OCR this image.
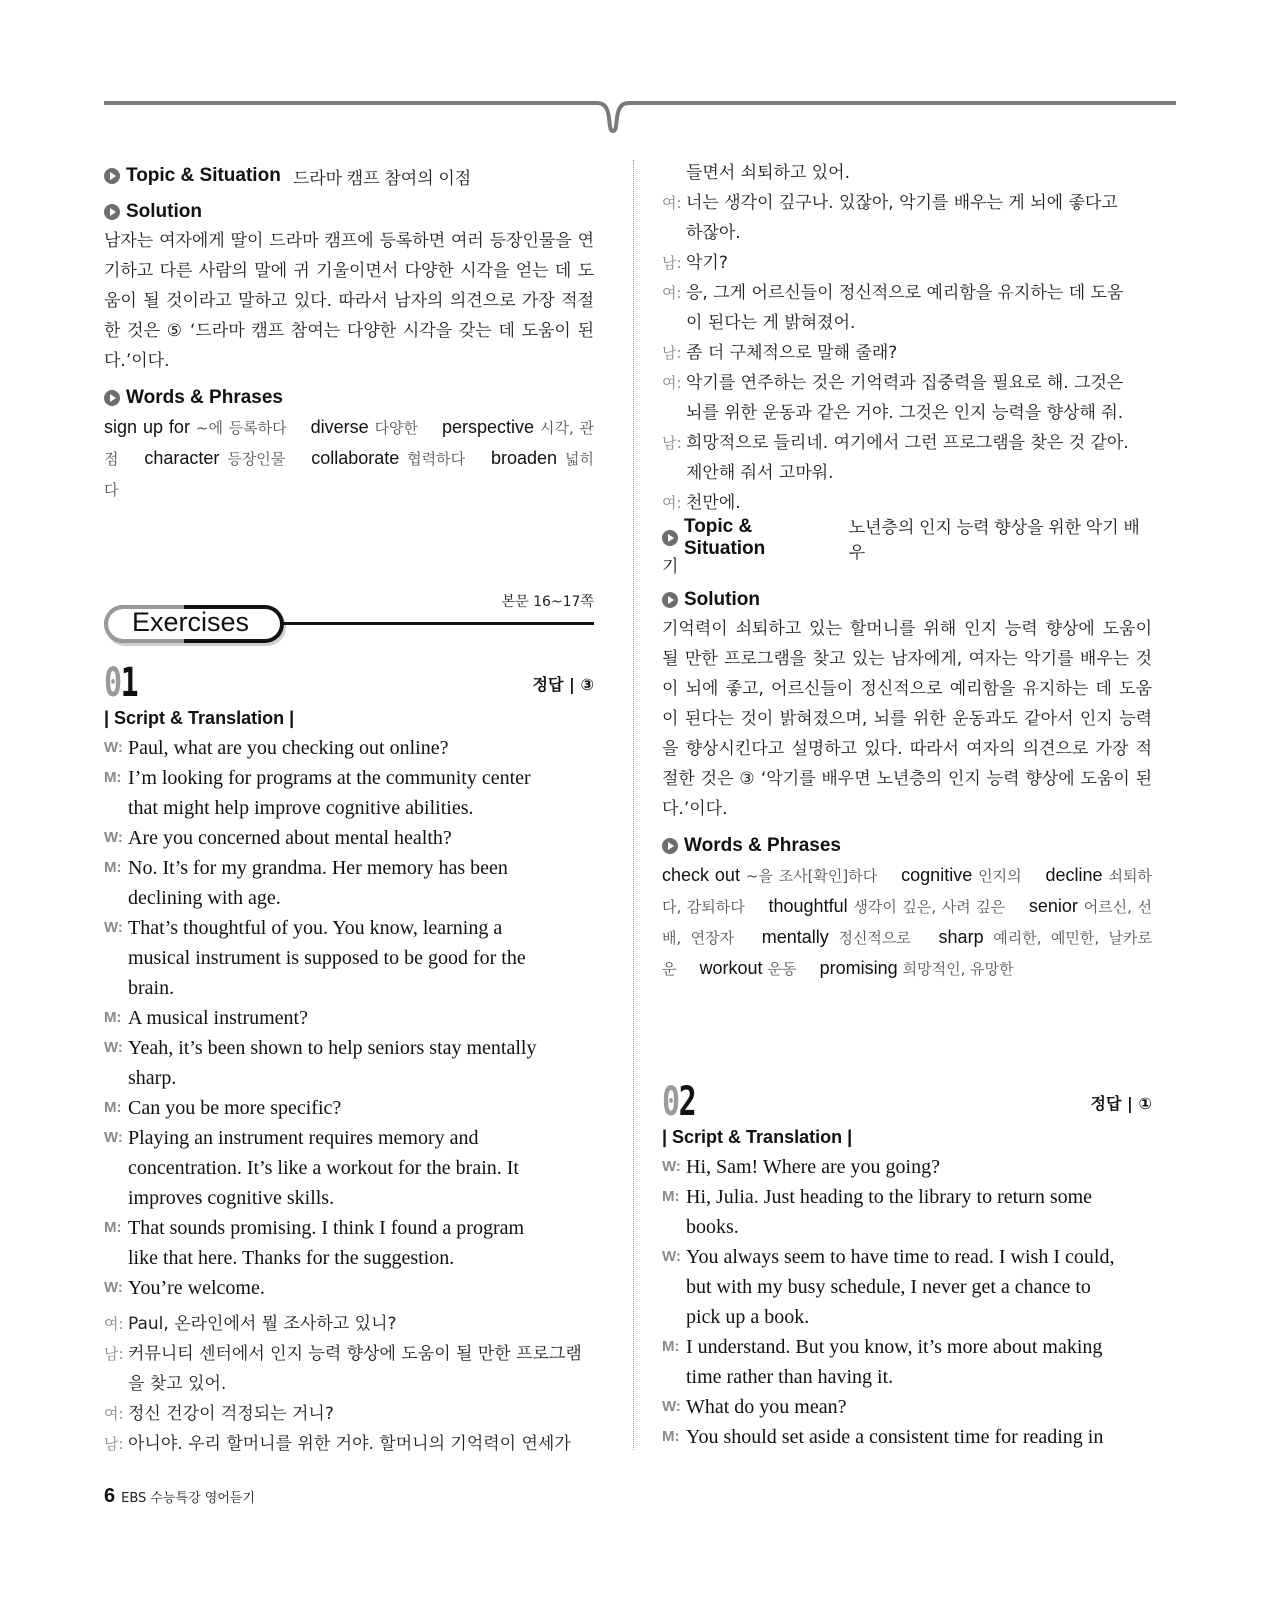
Topic & Situation 드라마 캠프 참여의 이점
Solution
남자는 여자에게 딸이 드라마 캠프에 등록하면 여러 등장인물을 연기하고 다른 사람의 말에 귀 기울이면서 다양한 시각을 얻는 데 도움이 될 것이라고 말하고 있다. 따라서 남자의 의견으로 가장 적절한 것은 ⑤ ‘드라마 캠프 참여는 다양한 시각을 갖는 데 도움이 된다.’이다.
Words & Phrases
sign up for ~에 등록하다 diverse 다양한 perspective 시각, 관점 character 등장인물 collaborate 협력하다 broaden 넓히다
Exercises
본문 16~17쪽
01	정답 | ③
| Script & Translation |
W: Paul, what are you checking out online?
M: I’m looking for programs at the community center
that might help improve cognitive abilities.
W: Are you concerned about mental health?
M: No. It’s for my grandma. Her memory has been
declining with age.
W: That’s thoughtful of you. You know, learning a
musical instrument is supposed to be good for the
brain.
M: A musical instrument?
W: Yeah, it’s been shown to help seniors stay mentally
sharp.
M: Can you be more specific?
W: Playing an instrument requires memory and
concentration. It’s like a workout for the brain. It
improves cognitive skills.
M: That sounds promising. I think I found a program
like that here. Thanks for the suggestion.
W: You’re welcome.
여: Paul, 온라인에서 뭘 조사하고 있니?
남: 커뮤니티 센터에서 인지 능력 향상에 도움이 될 만한 프로그램
을 찾고 있어.
여: 정신 건강이 걱정되는 거니?
남: 아니야. 우리 할머니를 위한 거야. 할머니의 기억력이 연세가
들면서 쇠퇴하고 있어.
여: 너는 생각이 깊구나. 있잖아, 악기를 배우는 게 뇌에 좋다고
하잖아.
남: 악기?
여: 응, 그게 어르신들이 정신적으로 예리함을 유지하는 데 도움
이 된다는 게 밝혀졌어.
남: 좀 더 구체적으로 말해 줄래?
여: 악기를 연주하는 것은 기억력과 집중력을 필요로 해. 그것은
뇌를 위한 운동과 같은 거야. 그것은 인지 능력을 향상해 줘.
남: 희망적으로 들리네. 여기에서 그런 프로그램을 찾은 것 같아.
제안해 줘서 고마워.
여: 천만에.
Topic & Situation
노년층의 인지 능력 향상을 위한 악기 배우
기
Solution
기억력이 쇠퇴하고 있는 할머니를 위해 인지 능력 향상에 도움이 될 만한 프로그램을 찾고 있는 남자에게, 여자는 악기를 배우는 것이 뇌에 좋고, 어르신들이 정신적으로 예리함을 유지하는 데 도움이 된다는 것이 밝혀졌으며, 뇌를 위한 운동과도 같아서 인지 능력을 향상시킨다고 설명하고 있다. 따라서 여자의 의견으로 가장 적절한 것은 ③ ‘악기를 배우면 노년층의 인지 능력 향상에 도움이 된다.’이다.
Words & Phrases
check out ~을 조사[확인]하다 cognitive 인지의 decline 쇠퇴하다, 감퇴하다 thoughtful 생각이 깊은, 사려 깊은 senior 어르신, 선배, 연장자 mentally 정신적으로 sharp 예리한, 예민한, 날카로운 workout 운동 promising 희망적인, 유망한
02	정답 | ①
| Script & Translation |
W: Hi, Sam! Where are you going?
M: Hi, Julia. Just heading to the library to return some
books.
W: You always seem to have time to read. I wish I could,
but with my busy schedule, I never get a chance to
pick up a book.
M: I understand. But you know, it’s more about making
time rather than having it.
W: What do you mean?
M: You should set aside a consistent time for reading in
6 EBS 수능특강 영어듣기
